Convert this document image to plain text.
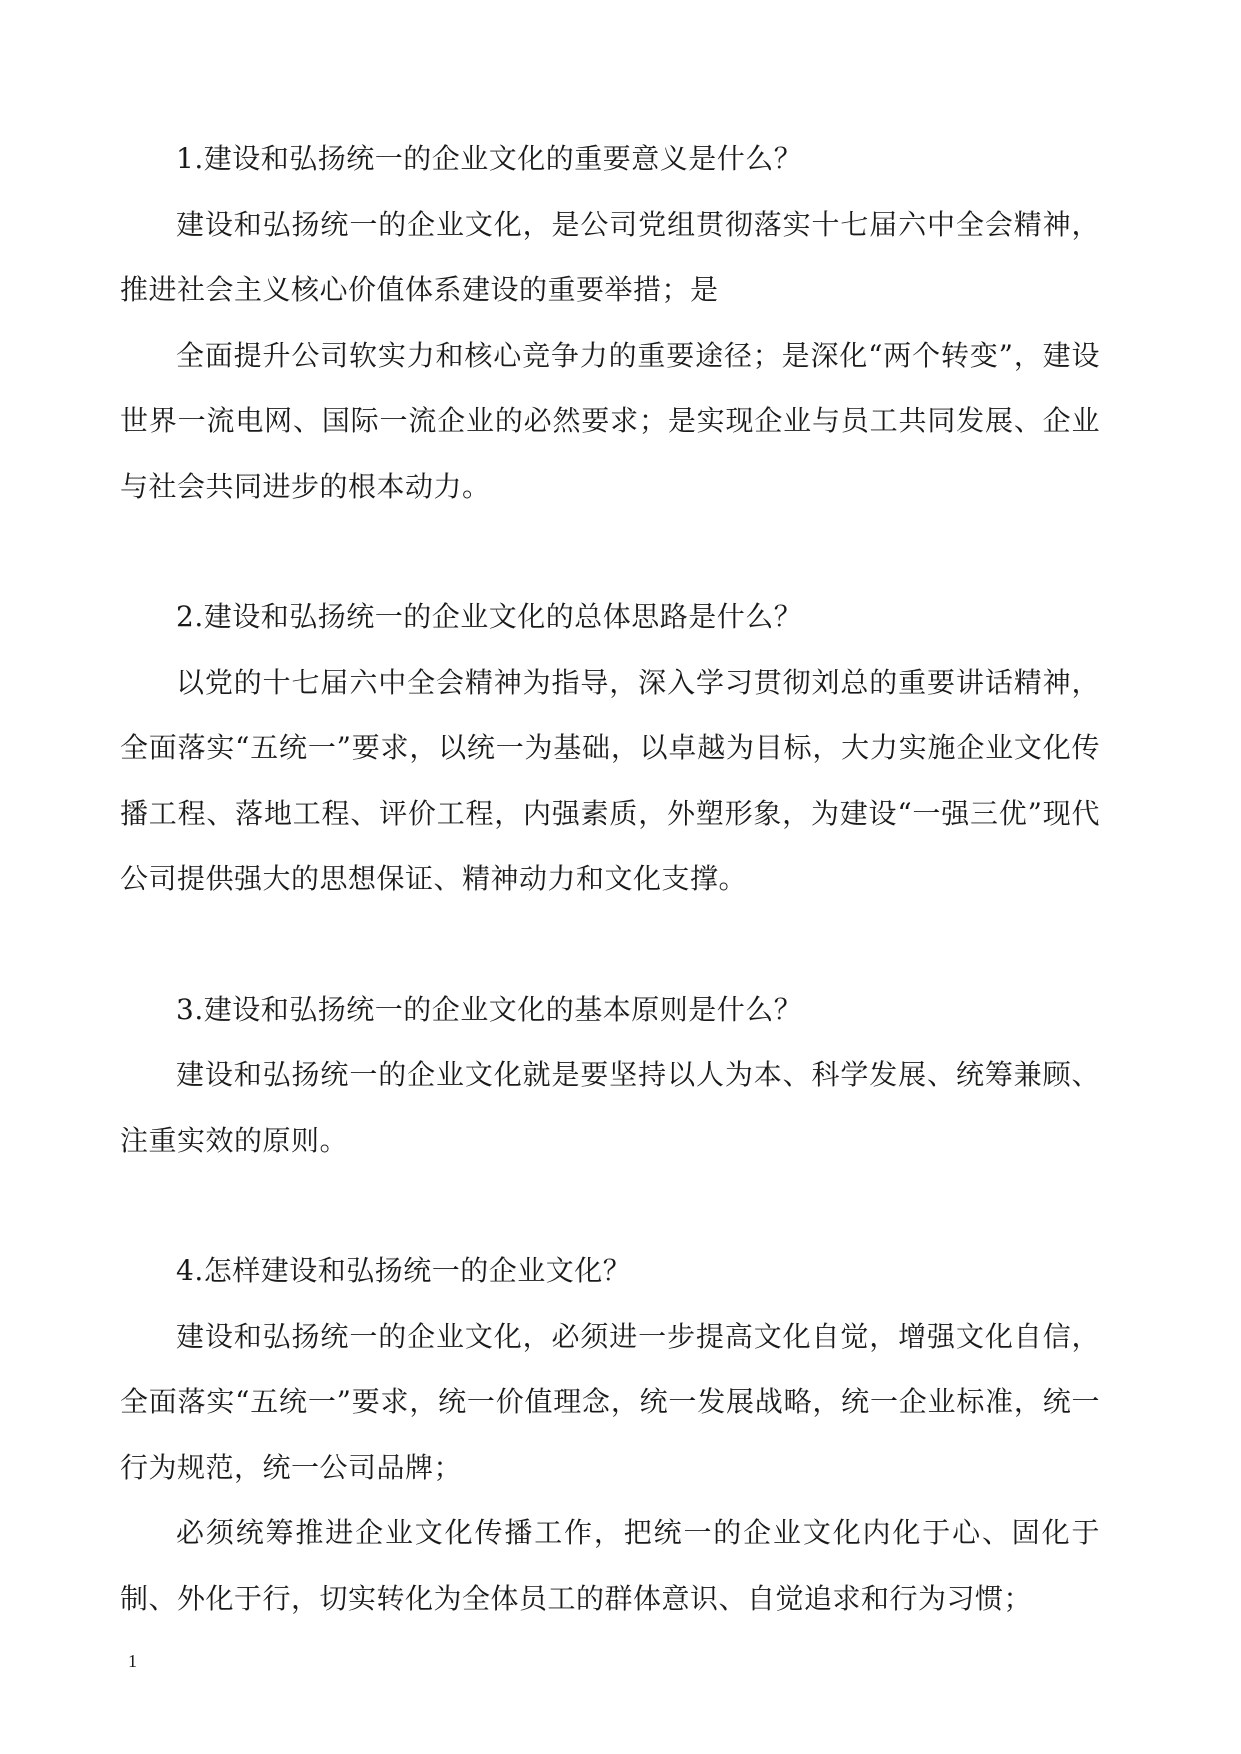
1.建设和弘扬统一的企业文化的重要意义是什么？

建设和弘扬统一的企业文化，是公司党组贯彻落实十七届六中全会精神，推进社会主义核心价值体系建设的重要举措；是

全面提升公司软实力和核心竞争力的重要途径；是深化“两个转变”，建设世界一流电网、国际一流企业的必然要求；是实现企业与员工共同发展、企业与社会共同进步的根本动力。

2.建设和弘扬统一的企业文化的总体思路是什么？

以党的十七届六中全会精神为指导，深入学习贯彻刘总的重要讲话精神，全面落实“五统一”要求，以统一为基础，以卓越为目标，大力实施企业文化传播工程、落地工程、评价工程，内强素质，外塑形象，为建设“一强三优”现代公司提供强大的思想保证、精神动力和文化支撑。

3.建设和弘扬统一的企业文化的基本原则是什么？

建设和弘扬统一的企业文化就是要坚持以人为本、科学发展、统筹兼顾、注重实效的原则。

4.怎样建设和弘扬统一的企业文化？

建设和弘扬统一的企业文化，必须进一步提高文化自觉，增强文化自信，全面落实“五统一”要求，统一价值理念，统一发展战略，统一企业标准，统一行为规范，统一公司品牌；

必须统筹推进企业文化传播工作，把统一的企业文化内化于心、固化于制、外化于行，切实转化为全体员工的群体意识、自觉追求和行为习惯；

1
